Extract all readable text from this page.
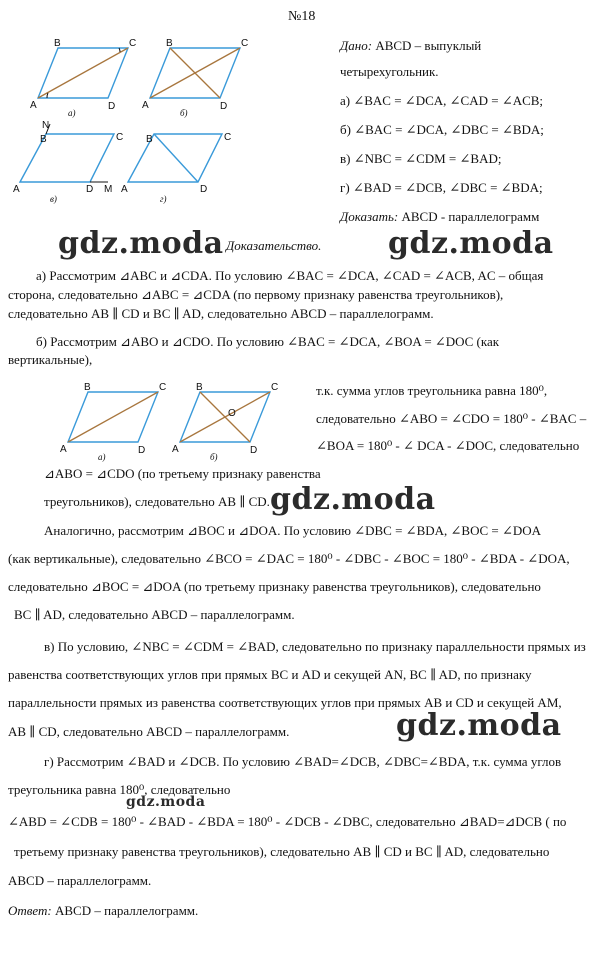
№18
A
B	C
D
а)
A
B	C
D
б)
A
B	C
D
N
M
в)
A
B	C
D
г)
Дано: ABCD – выпуклый
четырехугольник.
а) ∠BAC = ∠DCA, ∠CAD = ∠ACB;
б) ∠BAC = ∠DCA, ∠DBC = ∠BDA;
в) ∠NBC = ∠CDM = ∠BAD;
г) ∠BAD = ∠DCB, ∠DBC = ∠BDA;
Доказать: ABCD - параллелограмм
gdz.moda Доказательство. gdz.moda
а) Рассмотрим ⊿ABC и ⊿CDA. По условию ∠BAC = ∠DCA, ∠CAD = ∠ACB, AC – общая
сторона, следовательно ⊿ABC = ⊿CDA (по первому признаку равенства треугольников),
следовательно AB ∥ CD и BC ∥ AD, следовательно ABCD – параллелограмм.
б) Рассмотрим ⊿ABO и ⊿CDO. По условию ∠BAC = ∠DCA, ∠BOA = ∠DOC (как
вертикальные),
A
B	C
D
а)
A
B	C
D
O
б)
т.к. сумма углов треугольника равна 180⁰,
следовательно ∠ABO = ∠CDO = 180⁰ - ∠BAC –
∠BOA = 180⁰ - ∠ DCA - ∠DOC, следовательно
⊿ABO = ⊿CDO (по третьему признаку равенства
треугольников), следовательно AB ∥ CD. gdz.moda
Аналогично, рассмотрим ⊿BOC и ⊿DOA. По условию ∠DBC = ∠BDA, ∠BOC = ∠DOA
(как вертикальные), следовательно ∠BCO = ∠DAC = 180⁰ - ∠DBC - ∠BOC = 180⁰ - ∠BDA - ∠DOA,
следовательно ⊿BOC = ⊿DOA (по третьему признаку равенства треугольников), следовательно
BC ∥ AD, следовательно ABCD – параллелограмм.
в) По условию, ∠NBC = ∠CDM = ∠BAD, следовательно по признаку параллельности прямых из
равенства соответствующих углов при прямых BC и AD и секущей AN, BC ∥ AD, по признаку
параллельности прямых из равенства соответствующих углов при прямых AB и CD и секущей AM,
AB ∥ CD, следовательно ABCD – параллелограмм.	gdz.moda
г) Рассмотрим ∠BAD и ∠DCB. По условию ∠BAD=∠DCB, ∠DBC=∠BDA, т.к. сумма углов
треугольника равна 180⁰, следовательно
gdz.moda
∠ABD = ∠CDB = 180⁰ - ∠BAD - ∠BDA = 180⁰ - ∠DCB - ∠DBC, следовательно ⊿BAD=⊿DCB ( по
третьему признаку равенства треугольников), следовательно AB ∥ CD и BC ∥ AD, следовательно
ABCD – параллелограмм.
Ответ: ABCD – параллелограмм.
